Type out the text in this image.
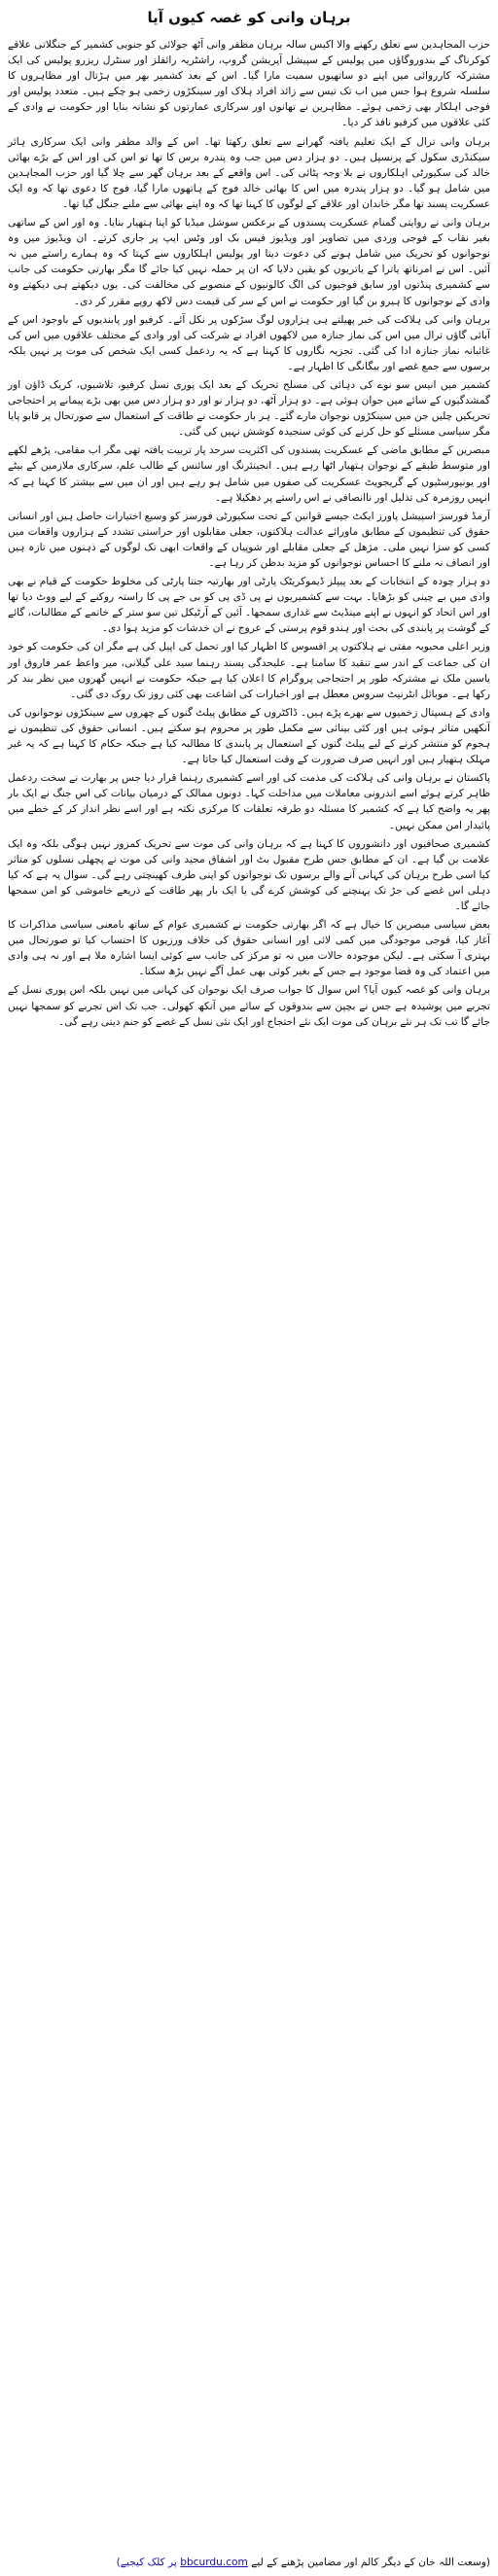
برہان وانی کو غصہ کیوں آیا

حزب المجاہدین سے تعلق رکھنے والا اکیس سالہ برہان مظفر وانی آٹھ جولائی کو جنوبی کشمیر کے جنگلاتی علاقے کوکرناگ کے بندوروگاؤں میں پولیس کے سپیشل آپریشن گروپ، راشٹریہ رائفلز اور سنٹرل ریزرو پولیس کی ایک مشترکہ کارروائی میں اپنے دو ساتھیوں سمیت مارا گیا۔ اس کے بعد کشمیر بھر میں ہڑتال اور مظاہروں کا سلسلہ شروع ہوا جس میں اب تک تیس سے زائد افراد ہلاک اور سینکڑوں زخمی ہو چکے ہیں۔ متعدد پولیس اور فوجی اہلکار بھی زخمی ہوئے۔ مظاہرین نے تھانوں اور سرکاری عمارتوں کو نشانہ بنایا اور حکومت نے وادی کے کئی علاقوں میں کرفیو نافذ کر دیا۔

برہان وانی ترال کے ایک تعلیم یافتہ گھرانے سے تعلق رکھتا تھا۔ اس کے والد مظفر وانی ایک سرکاری ہائر سیکنڈری سکول کے پرنسپل ہیں۔ دو ہزار دس میں جب وہ پندرہ برس کا تھا تو اس کی اور اس کے بڑے بھائی خالد کی سکیورٹی اہلکاروں نے بلا وجہ پٹائی کی۔ اس واقعے کے بعد برہان گھر سے چلا گیا اور حزب المجاہدین میں شامل ہو گیا۔ دو ہزار پندرہ میں اس کا بھائی خالد فوج کے ہاتھوں مارا گیا، فوج کا دعوی تھا کہ وہ ایک عسکریت پسند تھا مگر خاندان اور علاقے کے لوگوں کا کہنا تھا کہ وہ اپنے بھائی سے ملنے جنگل گیا تھا۔

برہان وانی نے روایتی گمنام عسکریت پسندوں کے برعکس سوشل میڈیا کو اپنا ہتھیار بنایا۔ وہ اور اس کے ساتھی بغیر نقاب کے فوجی وردی میں تصاویر اور ویڈیوز فیس بک اور وٹس ایپ پر جاری کرتے۔ ان ویڈیوز میں وہ نوجوانوں کو تحریک میں شامل ہونے کی دعوت دیتا اور پولیس اہلکاروں سے کہتا کہ وہ ہمارے راستے میں نہ آئیں۔ اس نے امرناتھ یاترا کے یاتریوں کو یقین دلایا کہ ان پر حملہ نہیں کیا جائے گا مگر بھارتی حکومت کی جانب سے کشمیری پنڈتوں اور سابق فوجیوں کی الگ کالونیوں کے منصوبے کی مخالفت کی۔ یوں دیکھتے ہی دیکھتے وہ وادی کے نوجوانوں کا ہیرو بن گیا اور حکومت نے اس کے سر کی قیمت دس لاکھ روپے مقرر کر دی۔

برہان وانی کی ہلاکت کی خبر پھیلتے ہی ہزاروں لوگ سڑکوں پر نکل آئے۔ کرفیو اور پابندیوں کے باوجود اس کے آبائی گاؤں ترال میں اس کی نماز جنازہ میں لاکھوں افراد نے شرکت کی اور وادی کے مختلف علاقوں میں اس کی غائبانہ نماز جنازہ ادا کی گئی۔ تجزیہ نگاروں کا کہنا ہے کہ یہ ردعمل کسی ایک شخص کی موت پر نہیں بلکہ برسوں سے جمع غصے اور بیگانگی کا اظہار ہے۔

کشمیر میں انیس سو نوے کی دہائی کی مسلح تحریک کے بعد ایک پوری نسل کرفیو، تلاشیوں، کریک ڈاؤن اور گمشدگیوں کے سائے میں جوان ہوئی ہے۔ دو ہزار آٹھ، دو ہزار نو اور دو ہزار دس میں بھی بڑے پیمانے پر احتجاجی تحریکیں چلیں جن میں سینکڑوں نوجوان مارے گئے۔ ہر بار حکومت نے طاقت کے استعمال سے صورتحال پر قابو پایا مگر سیاسی مسئلے کو حل کرنے کی کوئی سنجیدہ کوشش نہیں کی گئی۔

مبصرین کے مطابق ماضی کے عسکریت پسندوں کی اکثریت سرحد پار تربیت یافتہ تھی مگر اب مقامی، پڑھے لکھے اور متوسط طبقے کے نوجوان ہتھیار اٹھا رہے ہیں۔ انجینئرنگ اور سائنس کے طالب علم، سرکاری ملازمین کے بیٹے اور یونیورسٹیوں کے گریجویٹ عسکریت کی صفوں میں شامل ہو رہے ہیں اور ان میں سے بیشتر کا کہنا ہے کہ انہیں روزمرہ کی تذلیل اور ناانصافی نے اس راستے پر دھکیلا ہے۔

آرمڈ فورسز اسپیشل پاورز ایکٹ جیسے قوانین کے تحت سکیورٹی فورسز کو وسیع اختیارات حاصل ہیں اور انسانی حقوق کی تنظیموں کے مطابق ماورائے عدالت ہلاکتوں، جعلی مقابلوں اور حراستی تشدد کے ہزاروں واقعات میں کسی کو سزا نہیں ملی۔ مژھل کے جعلی مقابلے اور شوپیاں کے واقعات ابھی تک لوگوں کے ذہنوں میں تازہ ہیں اور انصاف نہ ملنے کا احساس نوجوانوں کو مزید بدظن کر رہا ہے۔

دو ہزار چودہ کے انتخابات کے بعد پیپلز ڈیموکریٹک پارٹی اور بھارتیہ جنتا پارٹی کی مخلوط حکومت کے قیام نے بھی وادی میں بے چینی کو بڑھایا۔ بہت سے کشمیریوں نے پی ڈی پی کو بی جے پی کا راستہ روکنے کے لیے ووٹ دیا تھا اور اس اتحاد کو انہوں نے اپنے مینڈیٹ سے غداری سمجھا۔ آئین کے آرٹیکل تین سو ستر کے خاتمے کے مطالبات، گائے کے گوشت پر پابندی کی بحث اور ہندو قوم پرستی کے عروج نے ان خدشات کو مزید ہوا دی۔

وزیر اعلی محبوبہ مفتی نے ہلاکتوں پر افسوس کا اظہار کیا اور تحمل کی اپیل کی ہے مگر ان کی حکومت کو خود ان کی جماعت کے اندر سے تنقید کا سامنا ہے۔ علیحدگی پسند رہنما سید علی گیلانی، میر واعظ عمر فاروق اور یاسین ملک نے مشترکہ طور پر احتجاجی پروگرام کا اعلان کیا ہے جبکہ حکومت نے انہیں گھروں میں نظر بند کر رکھا ہے۔ موبائل انٹرنیٹ سروس معطل ہے اور اخبارات کی اشاعت بھی کئی روز تک روک دی گئی۔

وادی کے ہسپتال زخمیوں سے بھرے پڑے ہیں۔ ڈاکٹروں کے مطابق پیلٹ گنوں کے چھروں سے سینکڑوں نوجوانوں کی آنکھیں متاثر ہوئی ہیں اور کئی بینائی سے مکمل طور پر محروم ہو سکتے ہیں۔ انسانی حقوق کی تنظیموں نے ہجوم کو منتشر کرنے کے لیے پیلٹ گنوں کے استعمال پر پابندی کا مطالبہ کیا ہے جبکہ حکام کا کہنا ہے کہ یہ غیر مہلک ہتھیار ہیں اور انہیں صرف ضرورت کے وقت استعمال کیا جاتا ہے۔

پاکستان نے برہان وانی کی ہلاکت کی مذمت کی اور اسے کشمیری رہنما قرار دیا جس پر بھارت نے سخت ردعمل ظاہر کرتے ہوئے اسے اندرونی معاملات میں مداخلت کہا۔ دونوں ممالک کے درمیان بیانات کی اس جنگ نے ایک بار پھر یہ واضح کیا ہے کہ کشمیر کا مسئلہ دو طرفہ تعلقات کا مرکزی نکتہ ہے اور اسے نظر انداز کر کے خطے میں پائیدار امن ممکن نہیں۔

کشمیری صحافیوں اور دانشوروں کا کہنا ہے کہ برہان وانی کی موت سے تحریک کمزور نہیں ہوگی بلکہ وہ ایک علامت بن گیا ہے۔ ان کے مطابق جس طرح مقبول بٹ اور اشفاق مجید وانی کی موت نے پچھلی نسلوں کو متاثر کیا اسی طرح برہان کی کہانی آنے والے برسوں تک نوجوانوں کو اپنی طرف کھینچتی رہے گی۔ سوال یہ ہے کہ کیا دہلی اس غصے کی جڑ تک پہنچنے کی کوشش کرے گی یا ایک بار پھر طاقت کے ذریعے خاموشی کو امن سمجھا جائے گا۔

بعض سیاسی مبصرین کا خیال ہے کہ اگر بھارتی حکومت نے کشمیری عوام کے ساتھ بامعنی سیاسی مذاکرات کا آغاز کیا، فوجی موجودگی میں کمی لائی اور انسانی حقوق کی خلاف ورزیوں کا احتساب کیا تو صورتحال میں بہتری آ سکتی ہے۔ لیکن موجودہ حالات میں نہ تو مرکز کی جانب سے کوئی ایسا اشارہ ملا ہے اور نہ ہی وادی میں اعتماد کی وہ فضا موجود ہے جس کے بغیر کوئی بھی عمل آگے نہیں بڑھ سکتا۔

برہان وانی کو غصہ کیوں آیا؟ اس سوال کا جواب صرف ایک نوجوان کی کہانی میں نہیں بلکہ اس پوری نسل کے تجربے میں پوشیدہ ہے جس نے بچپن سے بندوقوں کے سائے میں آنکھ کھولی۔ جب تک اس تجربے کو سمجھا نہیں جائے گا تب تک ہر نئے برہان کی موت ایک نئے احتجاج اور ایک نئی نسل کے غصے کو جنم دیتی رہے گی۔

(وسعت اللہ خان کے دیگر کالم اور مضامین پڑھنے کے لیے bbcurdu.com پر کلک کیجیے)
